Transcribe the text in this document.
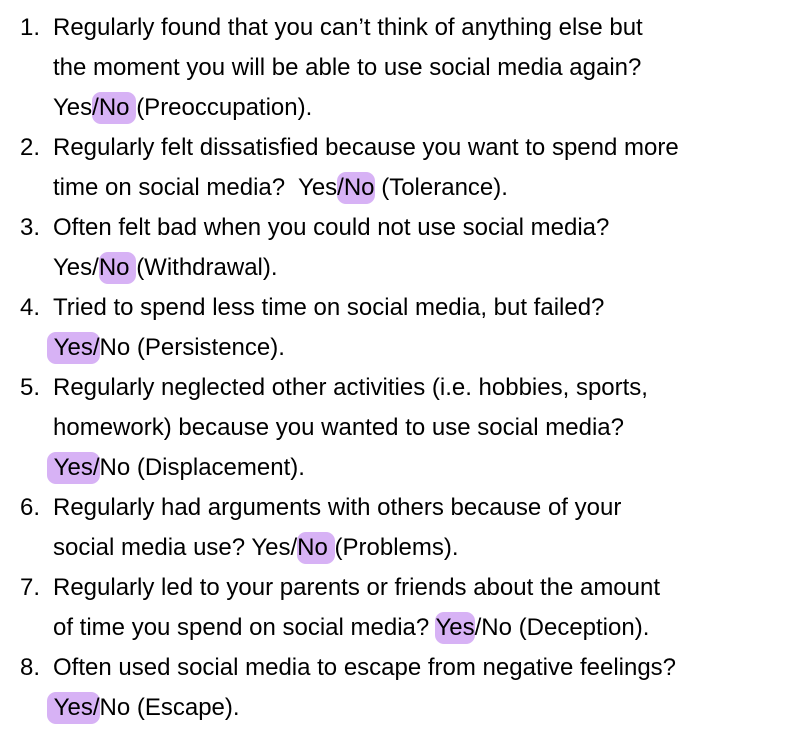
1. Regularly found that you can’t think of anything else but
the moment you will be able to use social media again?
Yes/No (Preoccupation).
2. Regularly felt dissatisfied because you want to spend more
time on social media?  Yes/No (Tolerance).
3. Often felt bad when you could not use social media?
Yes/No (Withdrawal).
4. Tried to spend less time on social media, but failed?
Yes/No (Persistence).
5. Regularly neglected other activities (i.e. hobbies, sports,
homework) because you wanted to use social media?
Yes/No (Displacement).
6. Regularly had arguments with others because of your
social media use? Yes/No (Problems).
7. Regularly led to your parents or friends about the amount
of time you spend on social media? Yes/No (Deception).
8. Often used social media to escape from negative feelings?
Yes/No (Escape).
